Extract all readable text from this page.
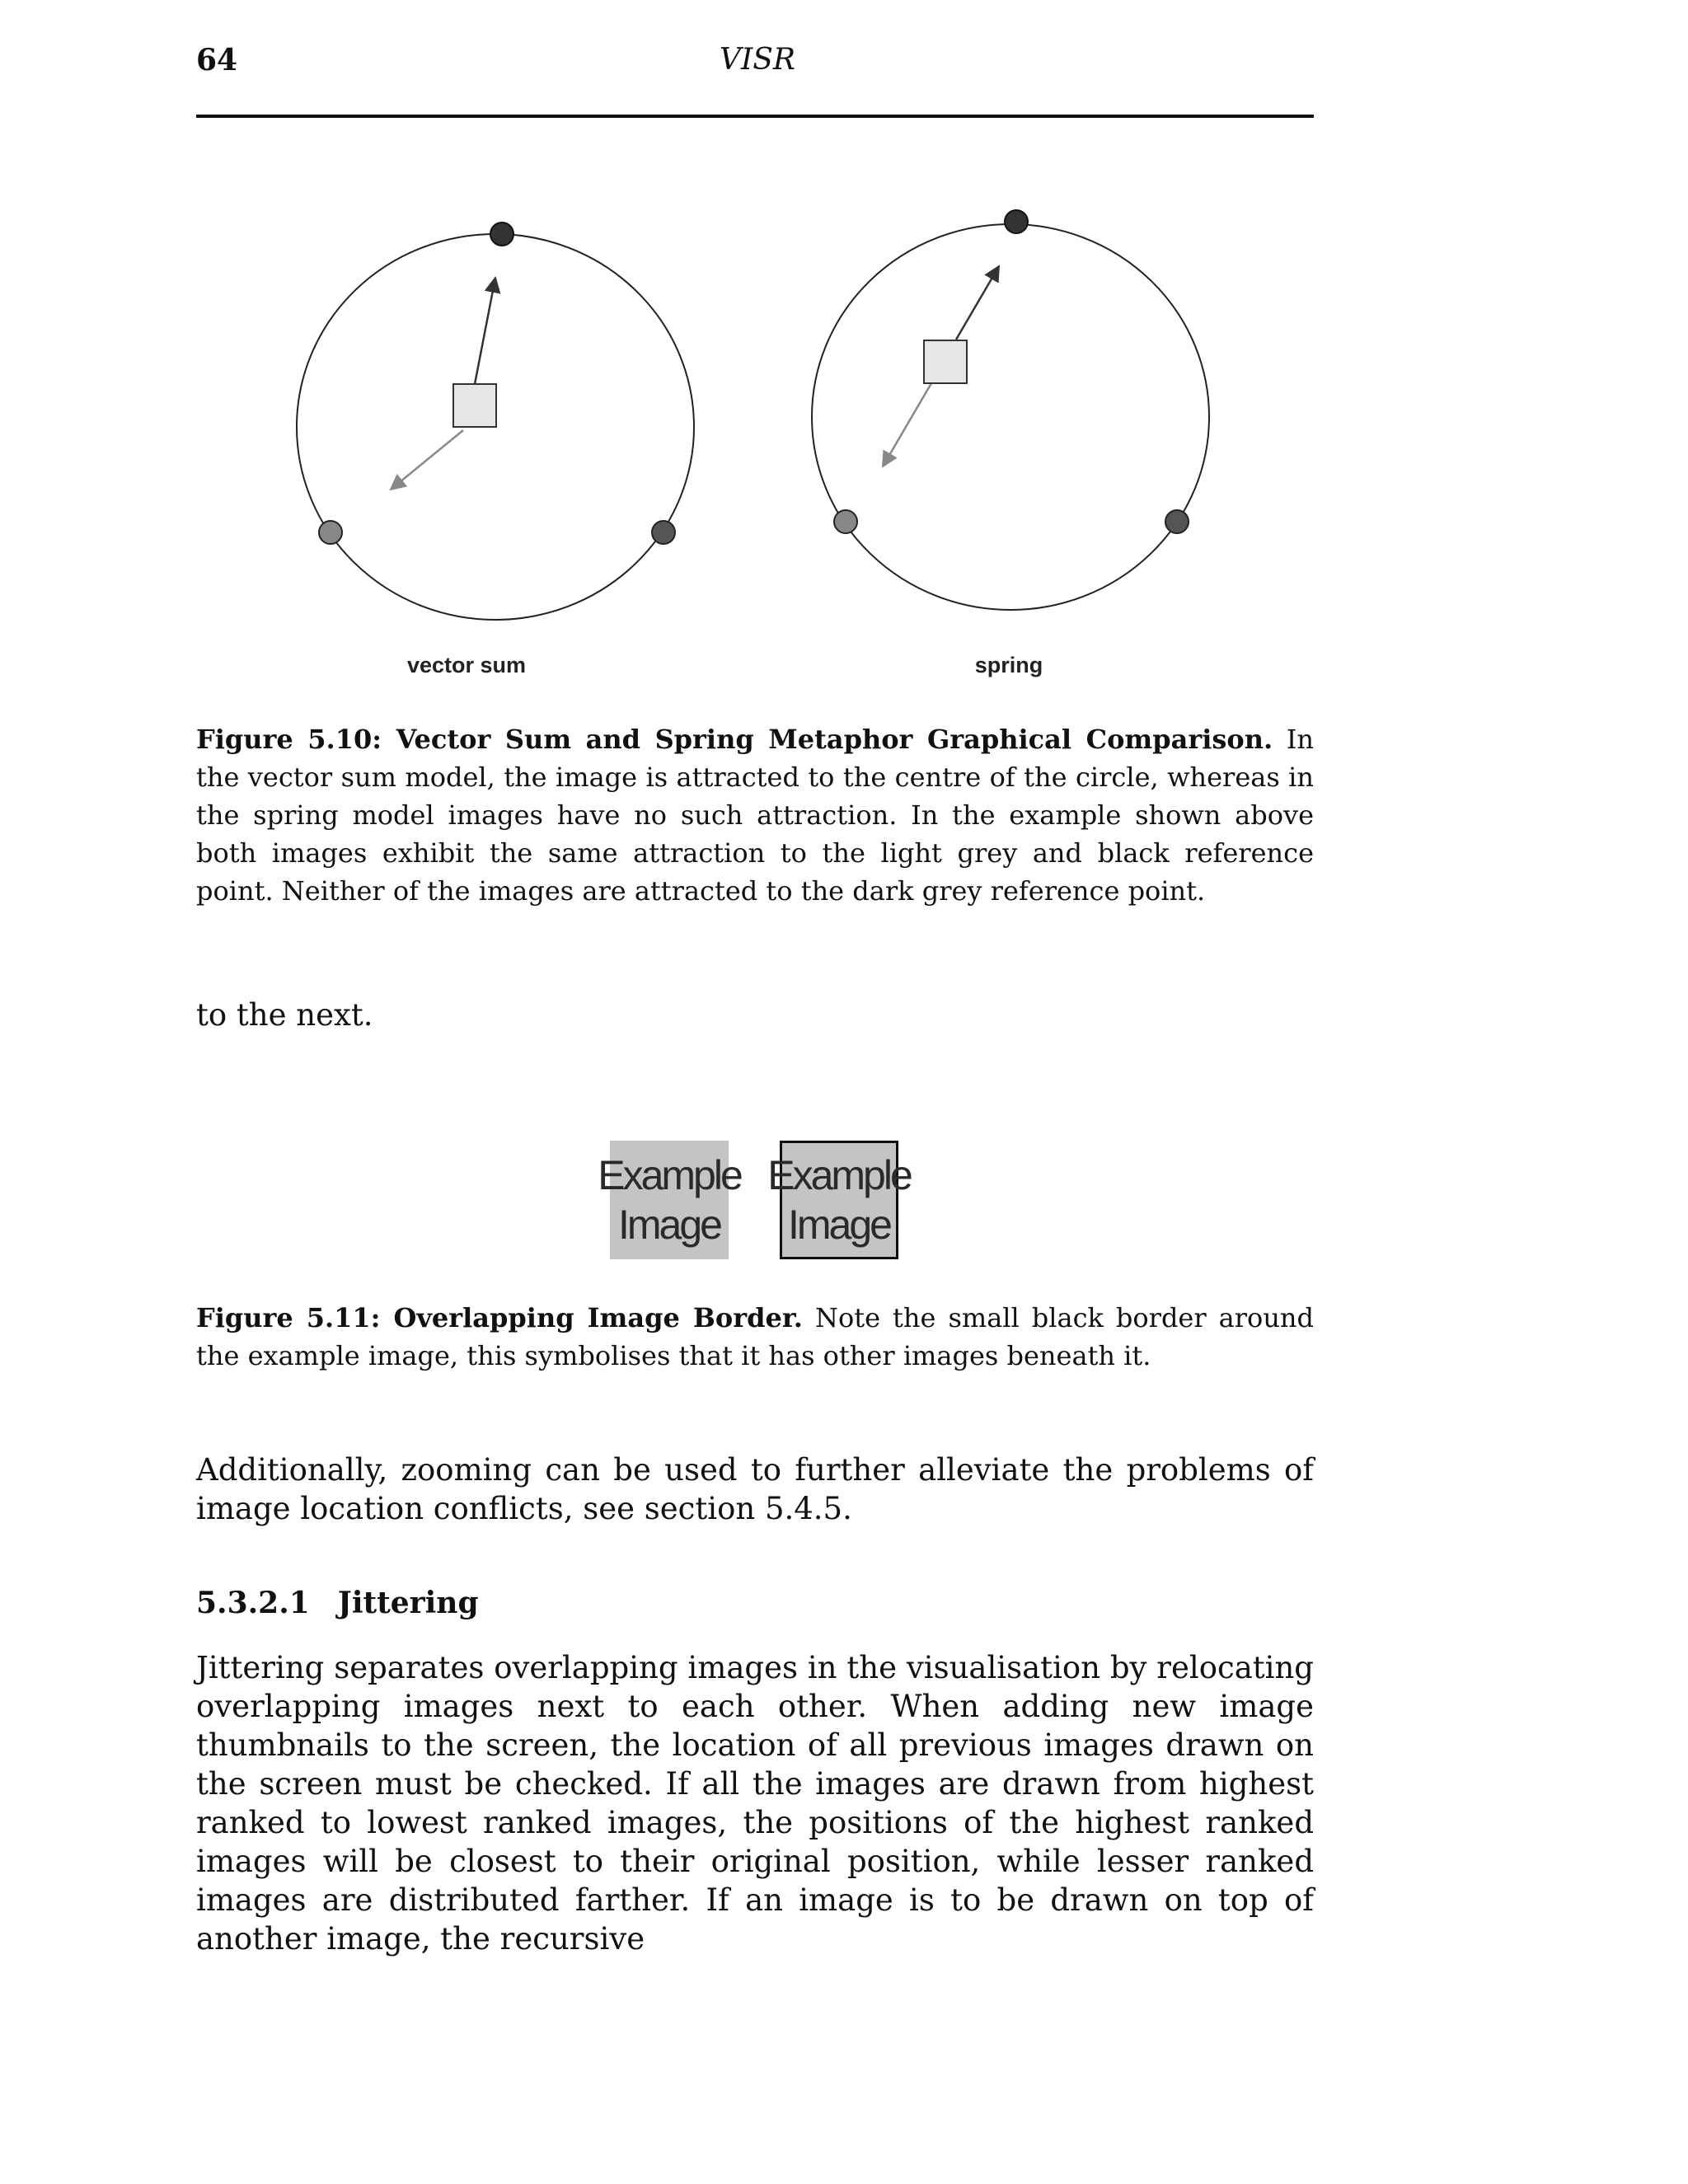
64	VISR
vector sum	spring
Figure 5.10: Vector Sum and Spring Metaphor Graphical Comparison. In the vector sum model, the image is attracted to the centre of the circle, whereas in the spring model images have no such attraction. In the example shown above both images exhibit the same attraction to the light grey and black reference point. Neither of the images are attracted to the dark grey reference point.
to the next.
Example
Image
Example
Image
Figure 5.11: Overlapping Image Border. Note the small black border around the example image, this symbolises that it has other images beneath it.
Additionally, zooming can be used to further alleviate the problems of image location conflicts, see section 5.4.5.
5.3.2.1 Jittering
Jittering separates overlapping images in the visualisation by relocating overlapping images next to each other. When adding new image thumbnails to the screen, the location of all previous images drawn on the screen must be checked. If all the images are drawn from highest ranked to lowest ranked images, the positions of the highest ranked images will be closest to their original position, while lesser ranked images are distributed farther. If an image is to be drawn on top of another image, the recursive
